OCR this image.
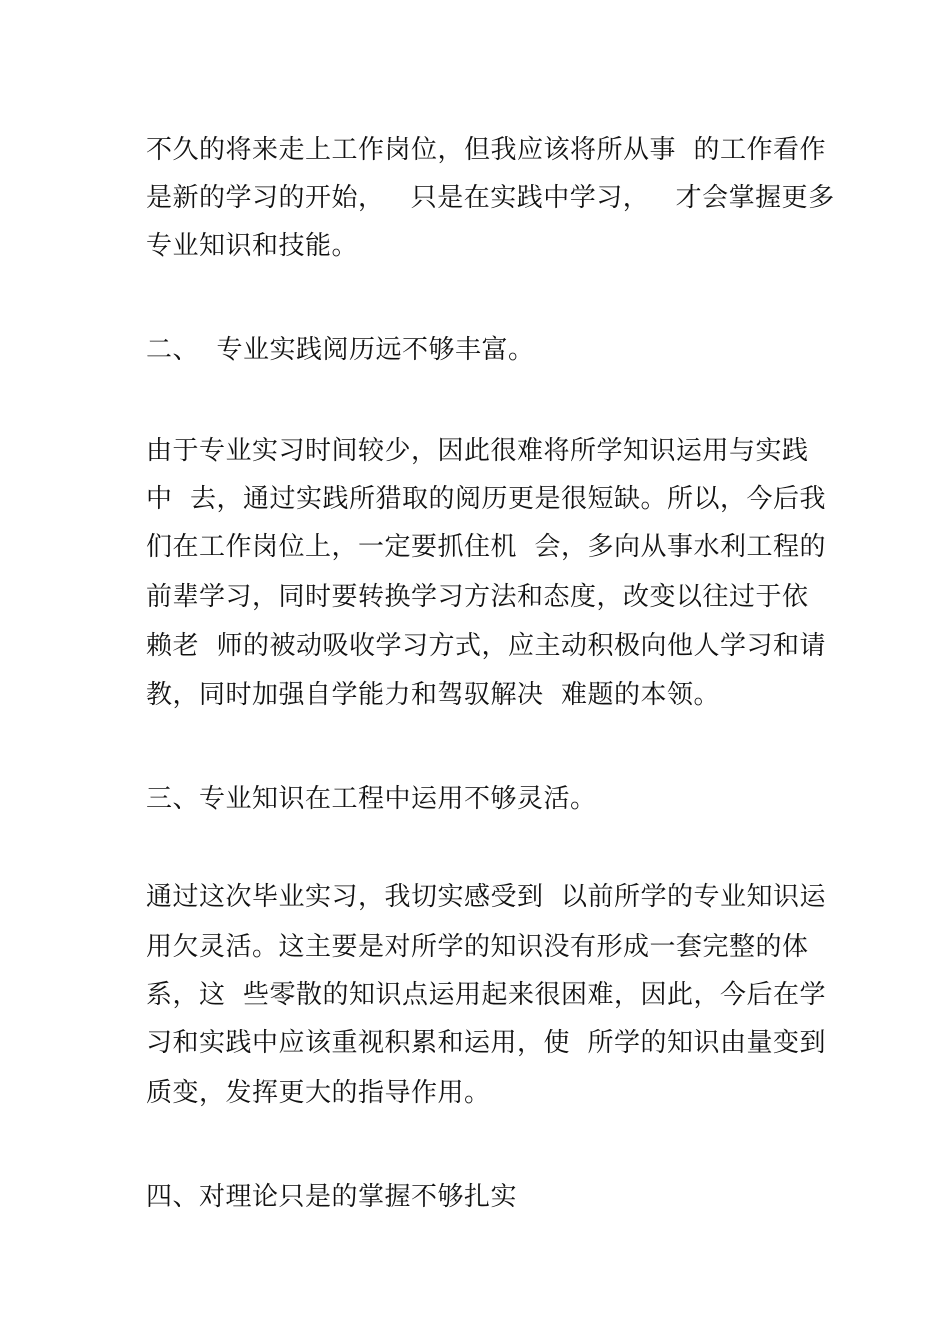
不久的将来走上工作岗位，但我应该将所从事  的工作看作
是新的学习的开始，   只是在实践中学习，   才会掌握更多
专业知识和技能。
二、  专业实践阅历远不够丰富。
由于专业实习时间较少，因此很难将所学知识运用与实践
中  去，通过实践所猎取的阅历更是很短缺。所以，今后我
们在工作岗位上，一定要抓住机  会，多向从事水利工程的
前辈学习，同时要转换学习方法和态度，改变以往过于依
赖老  师的被动吸收学习方式，应主动积极向他人学习和请
教，同时加强自学能力和驾驭解决  难题的本领。
三、专业知识在工程中运用不够灵活。
通过这次毕业实习，我切实感受到  以前所学的专业知识运
用欠灵活。这主要是对所学的知识没有形成一套完整的体
系，这  些零散的知识点运用起来很困难，因此，今后在学
习和实践中应该重视积累和运用，使  所学的知识由量变到
质变，发挥更大的指导作用。
四、对理论只是的掌握不够扎实
